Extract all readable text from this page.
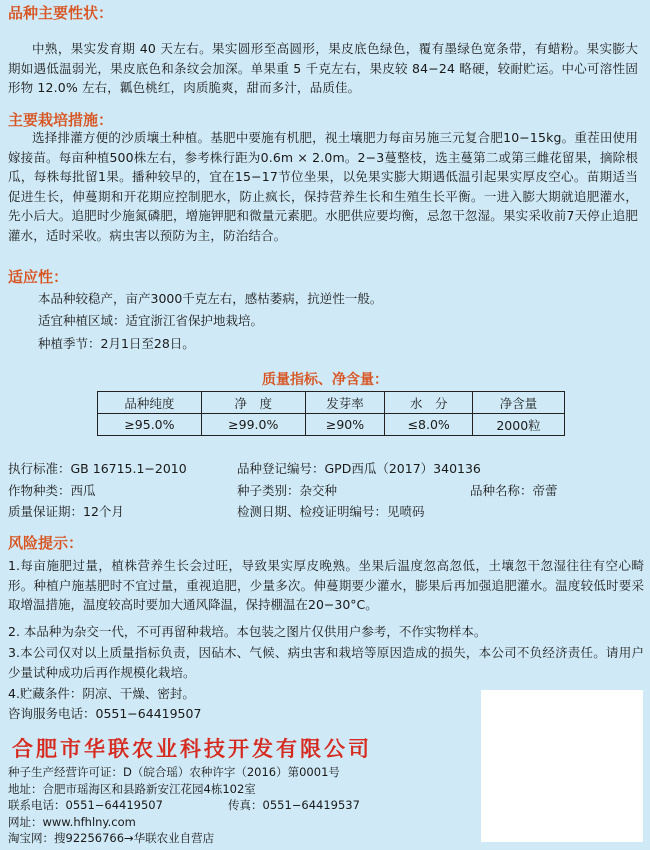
品种主要性状：
中熟，果实发育期 40 天左右。果实圆形至高圆形，果皮底色绿色，覆有墨绿色宽条带，有蜡粉。果实膨大期如遇低温弱光，果皮底色和条纹会加深。单果重 5 千克左右，果皮较 84−24 略硬，较耐贮运。中心可溶性固形物 12.0% 左右，瓤色桃红，肉质脆爽，甜而多汁，品质佳。
主要栽培措施：
选择排灌方便的沙质壤土种植。基肥中要施有机肥，视土壤肥力每亩另施三元复合肥10−15kg。重茬田使用嫁接苗。每亩种植500株左右，参考株行距为0.6m × 2.0m。2−3蔓整枝，选主蔓第二或第三雌花留果，摘除根瓜，每株每批留1果。播种较早的，宜在15−17节位坐果，以免果实膨大期遇低温引起果实厚皮空心。苗期适当促进生长，伸蔓期和开花期应控制肥水，防止疯长，保持营养生长和生殖生长平衡。一进入膨大期就追肥灌水，先小后大。追肥时少施氮磷肥，增施钾肥和微量元素肥。水肥供应要均衡，忌忽干忽湿。果实采收前7天停止追肥灌水，适时采收。病虫害以预防为主，防治结合。
适应性：
本品种较稳产，亩产3000千克左右，感枯萎病，抗逆性一般。
适宜种植区域：适宜浙江省保护地栽培。
种植季节：2月1日至28日。
质量指标、净含量：
品种纯度	净　度	发芽率	水　分	净含量
≥95.0%	≥99.0%	≥90%	≤8.0%	2000粒
执行标准：GB 16715.1−2010	品种登记编号：GPD西瓜（2017）340136
作物种类：西瓜	种子类别：杂交种	品种名称：帝蕾
质量保证期：12个月	检测日期、检疫证明编号：见喷码
风险提示：
1.每亩施肥过量，植株营养生长会过旺，导致果实厚皮晚熟。坐果后温度忽高忽低，土壤忽干忽湿往往有空心畸形。种植户施基肥时不宜过量，重视追肥，少量多次。伸蔓期要少灌水，膨果后再加强追肥灌水。温度较低时要采取增温措施，温度较高时要加大通风降温，保持棚温在20−30°C。
2. 本品种为杂交一代，不可再留种栽培。本包装之图片仅供用户参考，不作实物样本。
3.本公司仅对以上质量指标负责，因砧木、气候、病虫害和栽培等原因造成的损失，本公司不负经济责任。请用户少量试种成功后再作规模化栽培。
4.贮藏条件：阴凉、干燥、密封。
咨询服务电话：0551−64419507
合肥市华联农业科技开发有限公司
种子生产经营许可证：D（皖合瑶）农种许字（2016）第0001号
地址：合肥市瑶海区和县路新安江花园4栋102室
联系电话：0551−64419507	传真：0551−64419537
网址：www.hfhlny.com
淘宝网：搜92256766→华联农业自营店
